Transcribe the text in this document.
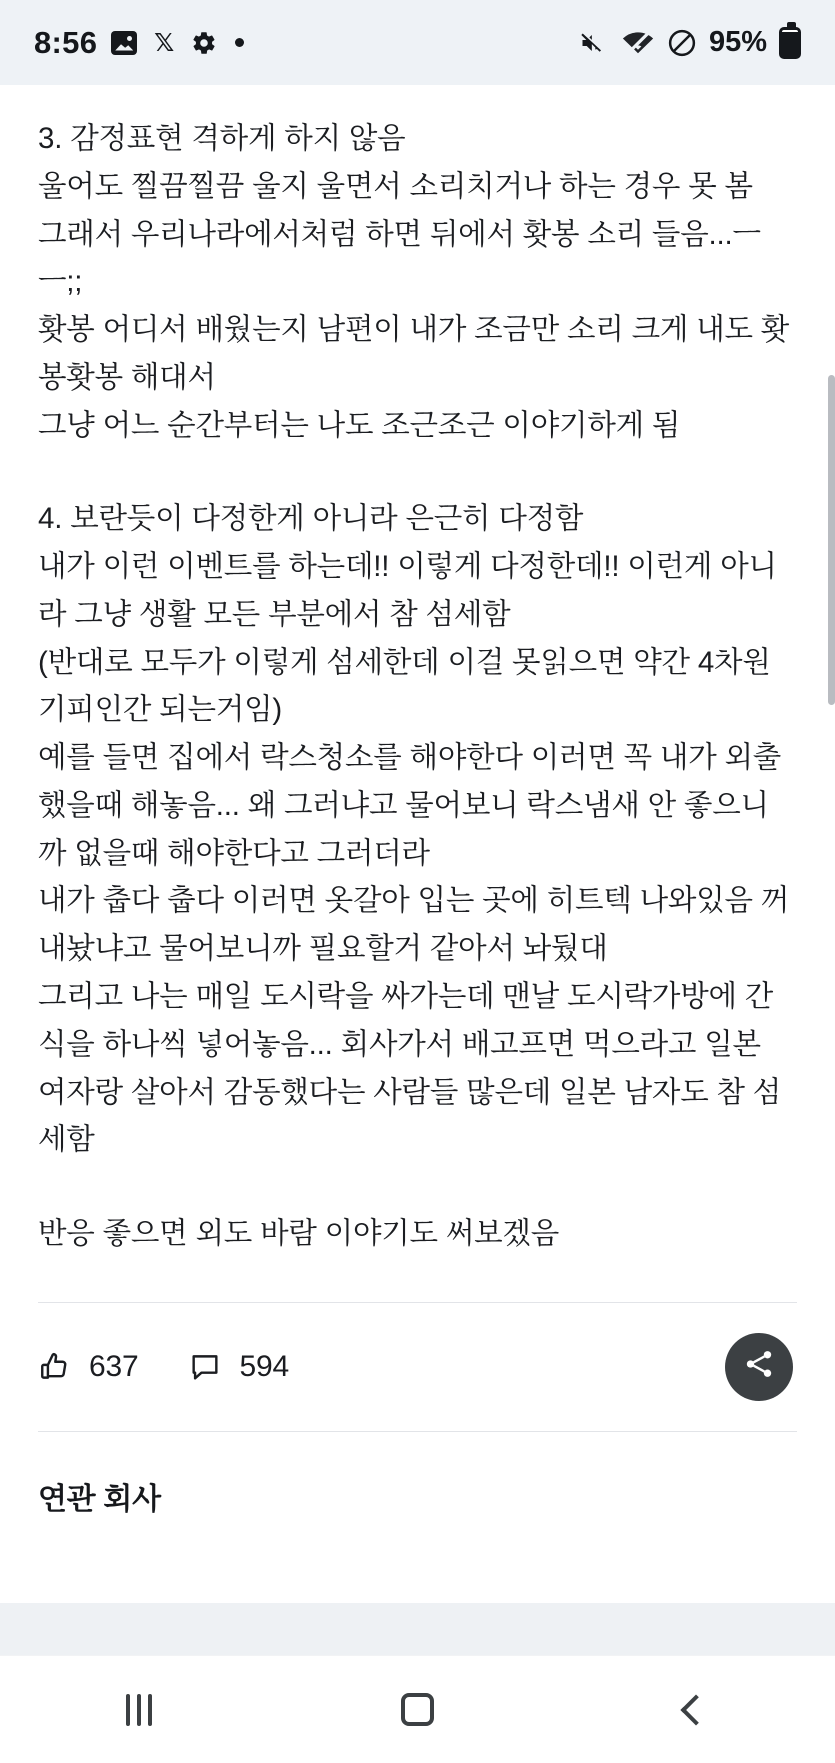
8:56 𝕏	95%

3. 감정표현 격하게 하지 않음

울어도 찔끔찔끔 울지 울면서 소리치거나 하는 경우 못 봄

그래서 우리나라에서처럼 하면 뒤에서 홧봉 소리 들음...ㅡㅡ;;

홧봉 어디서 배웠는지 남편이 내가 조금만 소리 크게 내도 홧봉홧봉 해대서

그냥 어느 순간부터는 나도 조근조근 이야기하게 됨

4. 보란듯이 다정한게 아니라 은근히 다정함

내가 이런 이벤트를 하는데!! 이렇게 다정한데!! 이런게 아니라 그냥 생활 모든 부분에서 참 섬세함

(반대로 모두가 이렇게 섬세한데 이걸 못읽으면 약간 4차원 기피인간 되는거임)

예를 들면 집에서 락스청소를 해야한다 이러면 꼭 내가 외출했을때 해놓음... 왜 그러냐고 물어보니 락스냄새 안 좋으니까 없을때 해야한다고 그러더라

내가 춥다 춥다 이러면 옷갈아 입는 곳에 히트텍 나와있음 꺼내놨냐고 물어보니까 필요할거 같아서 놔뒀대

그리고 나는 매일 도시락을 싸가는데 맨날 도시락가방에 간식을 하나씩 넣어놓음... 회사가서 배고프면 먹으라고 일본 여자랑 살아서 감동했다는 사람들 많은데 일본 남자도 참 섬세함

반응 좋으면 외도 바람 이야기도 써보겠음

637	594
연관 회사
